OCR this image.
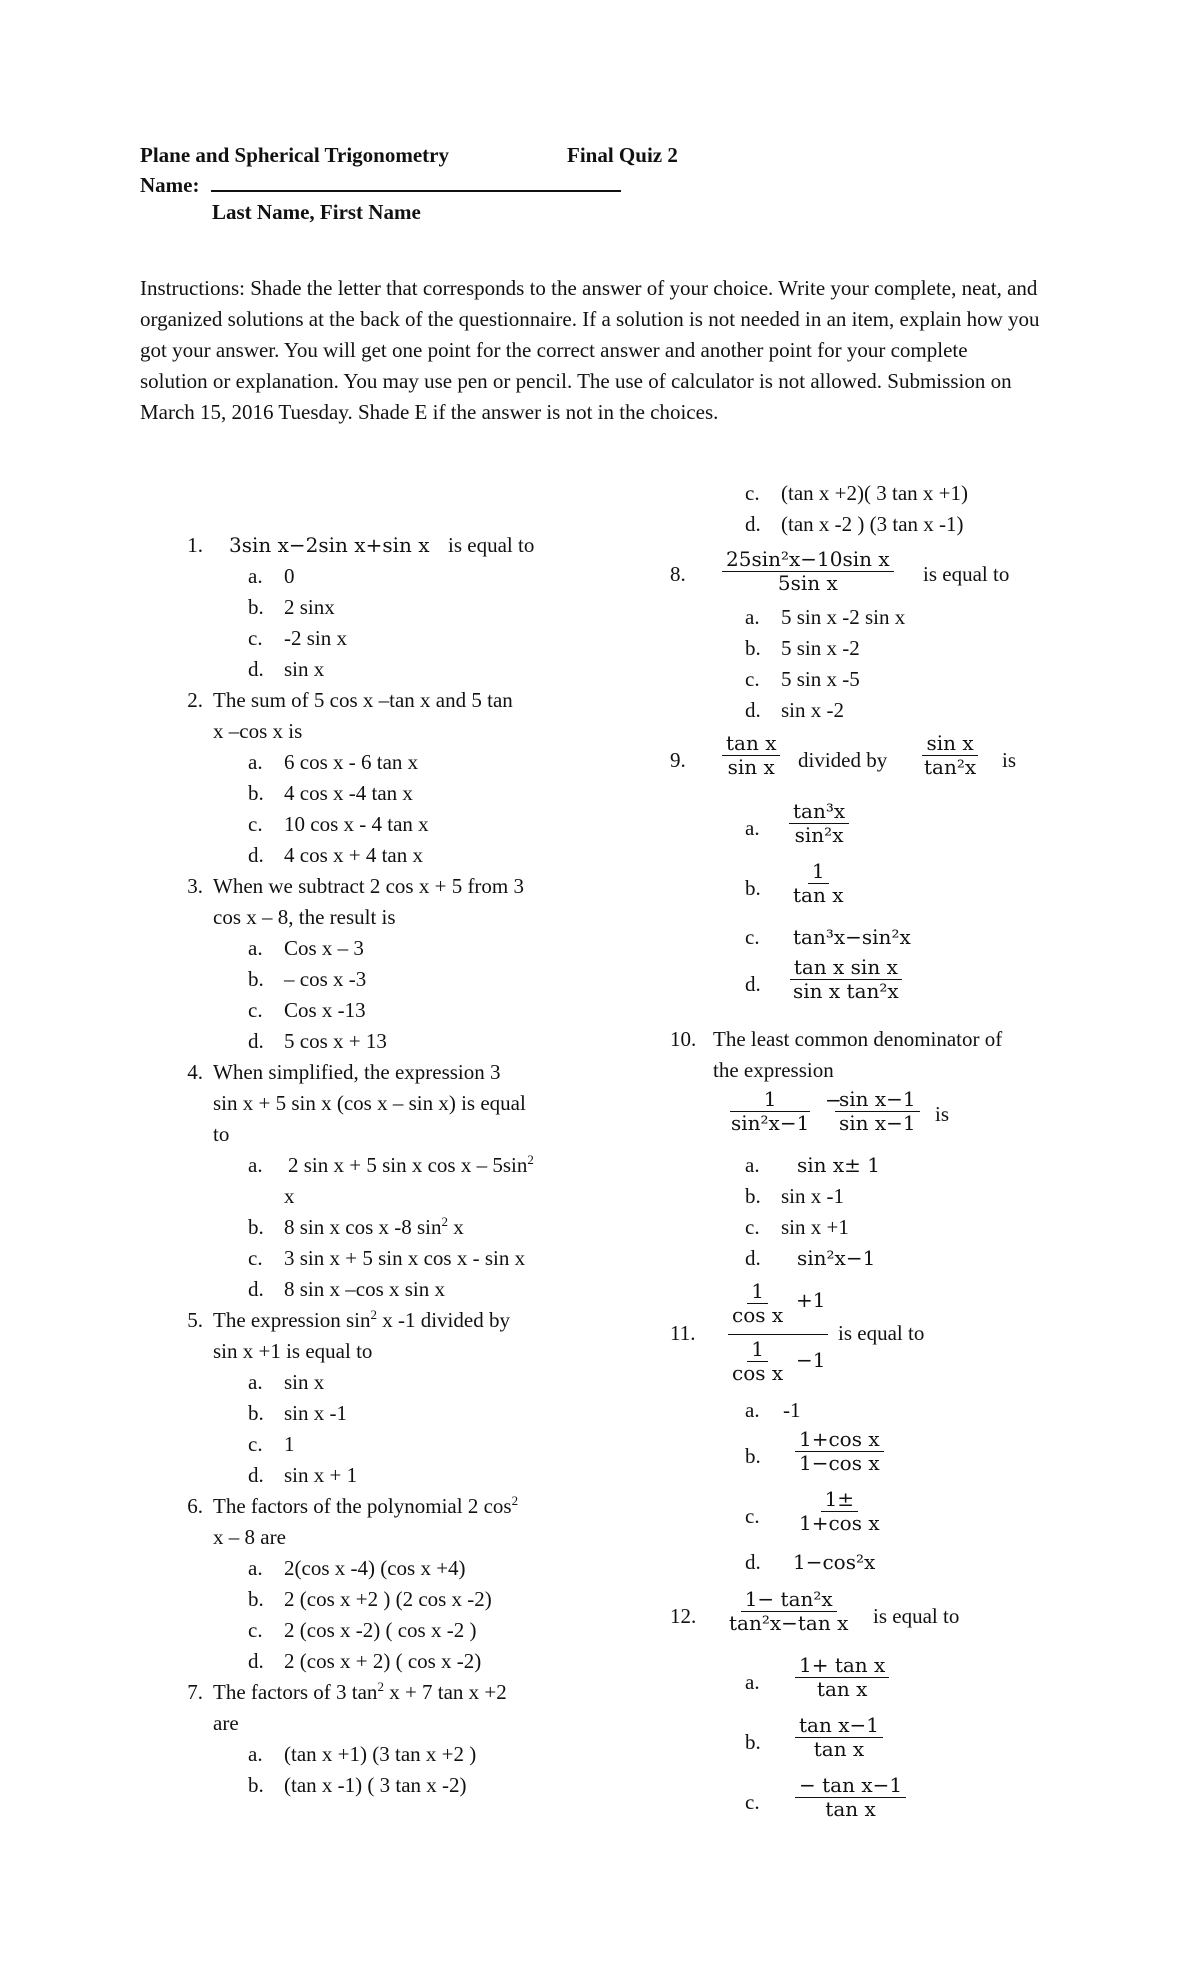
Plane and Spherical Trigonometry	Final Quiz 2
Name:
Last Name, First Name
Instructions: Shade the letter that corresponds to the answer of your choice. Write your complete, neat, and organized solutions at the back of the questionnaire. If a solution is not needed in an item, explain how you got your answer. You will get one point for the correct answer and another point for your complete solution or explanation. You may use pen or pencil. The use of calculator is not allowed. Submission on March 15, 2016 Tuesday. Shade E if the answer is not in the choices.
1. 3sin x−2sin x+sin x is equal to
a.	0
b. 2 sinx
c.	-2 sin x
d. sin x
2. The sum of 5 cos x –tan x and 5 tan
x –cos x is
a.	6 cos x - 6 tan x
b. 4 cos x -4 tan x
c.	10 cos x - 4 tan x
d. 4 cos x + 4 tan x
3. When we subtract 2 cos x + 5 from 3
cos x – 8, the result is
a.	Cos x – 3
b. – cos x -3
c.	Cos x -13
d. 5 cos x + 13
4. When simplified, the expression 3
sin x + 5 sin x (cos x – sin x) is equal
to
a.	2 sin x + 5 sin x cos x – $5\sin^2$
x
b. 8 sin x cos x -8 $\sin^2 x$
c.	3 sin x + 5 sin x cos x - sin x
d. 8 sin x –cos x sin x
5. The expression $\sin^2 x$ -1 divided by
sin x +1 is equal to
a.	sin x
b. sin x -1
c.	1
d. sin x + 1
6. The factors of the polynomial 2 $\cos^2$
x – 8 are
a.	2(cos x -4) (cos x +4)
b. 2 (cos x +2 ) (2 cos x -2)
c.	2 (cos x -2) ( cos x -2 )
d. 2 (cos x + 2) ( cos x -2)
7. The factors of 3 $\tan^2 x + 7$ tan x +2
are
a.	(tan x +1) (3 tan x +2 )
b. (tan x -1) ( 3 tan x -2)
c.	(tan x +2)( 3 tan x +1)
d. (tan x -2 ) (3 tan x -1)
8. $\frac{\text{25sin²x−10sin x}}{\text{5sin x}}$ is equal to
a.	5 sin x -2 sin x
b. 5 sin x -2
c.	5 sin x -5
d. sin x -2
9. $\frac{\text{tan x}}{\text{sin x}}$ divided by $\frac{\text{sin x}}{\text{tan²x}}$ is
a. $\frac{\text{tan³x}}{\text{sin²x}}$
b. $\frac{1}{\text{tan x}}$
c. tan³x−sin²x
d. $\frac{\text{tan x sin x}}{\text{sin x tan²x}}$
10. The least common denominator of
the expression
$\frac{1}{\text{sin²x−1}}$ −
$\frac{\text{sin x−1}}{\text{sin x−1}}$ is
a.	sin x± 1
b. sin x -1
c.	sin x +1
d.	sin²x−1
11.
$\frac{1}{\text{cos x}} +1$
$\frac{1}{\text{cos x}} -1$
is equal to
a. -1
b. $\frac{\text{1+cos x}}{\text{1−cos x}}$
c. $\frac{1\pm}{\text{1+cos x}}$
d. 1−cos²x
12. $\frac{\text{1− tan²x}}{\text{tan²x−tan x}}$ is equal to
a. $\frac{\text{1+ tan x}}{\text{tan x}}$
b. $\frac{\text{tan x−1}}{\text{tan x}}$
c. $\frac{\text{− tan x−1}}{\text{tan x}}$
